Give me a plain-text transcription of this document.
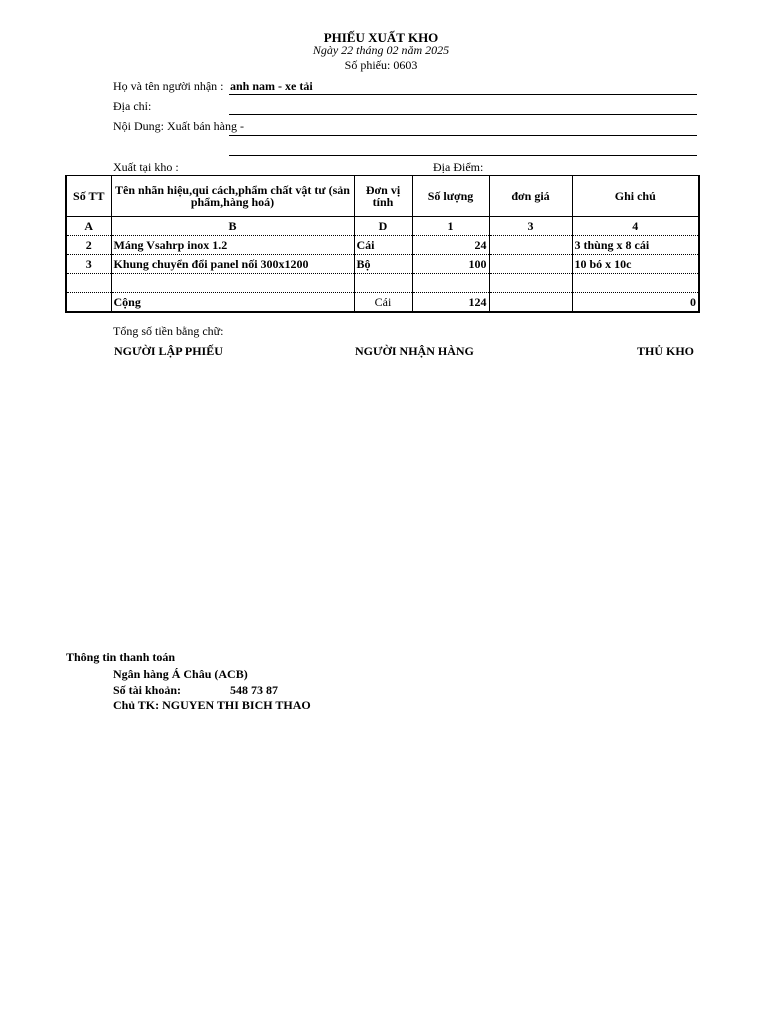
PHIẾU XUẤT KHO
Ngày 22 tháng 02 năm 2025
Số phiếu: 0603
Họ và tên người nhận : anh nam - xe tải
Địa chỉ:
Nội Dung: Xuất bán hàng -
Xuất tại kho :	Địa Điểm:
Số TT	Tên nhãn hiệu,qui cách,phẩm chất vật tư (sản phẩm,hàng hoá)	Đơn vị tính	Số lượng	đơn giá	Ghi chú
A	B	D	1	3	4
2	Máng Vsahrp inox 1.2	Cái	24		3 thùng x 8 cái
3	Khung chuyển đổi panel nối 300x1200	Bộ	100		10 bó x 10c

	Cộng	Cái	124		0
Tổng số tiền bằng chữ:
NGƯỜI LẬP PHIẾU	NGƯỜI NHẬN HÀNG	THỦ KHO
Thông tin thanh toán
Ngân hàng Á Châu (ACB)
Số tài khoản:	548 73 87
Chủ TK: NGUYEN THI BICH THAO
